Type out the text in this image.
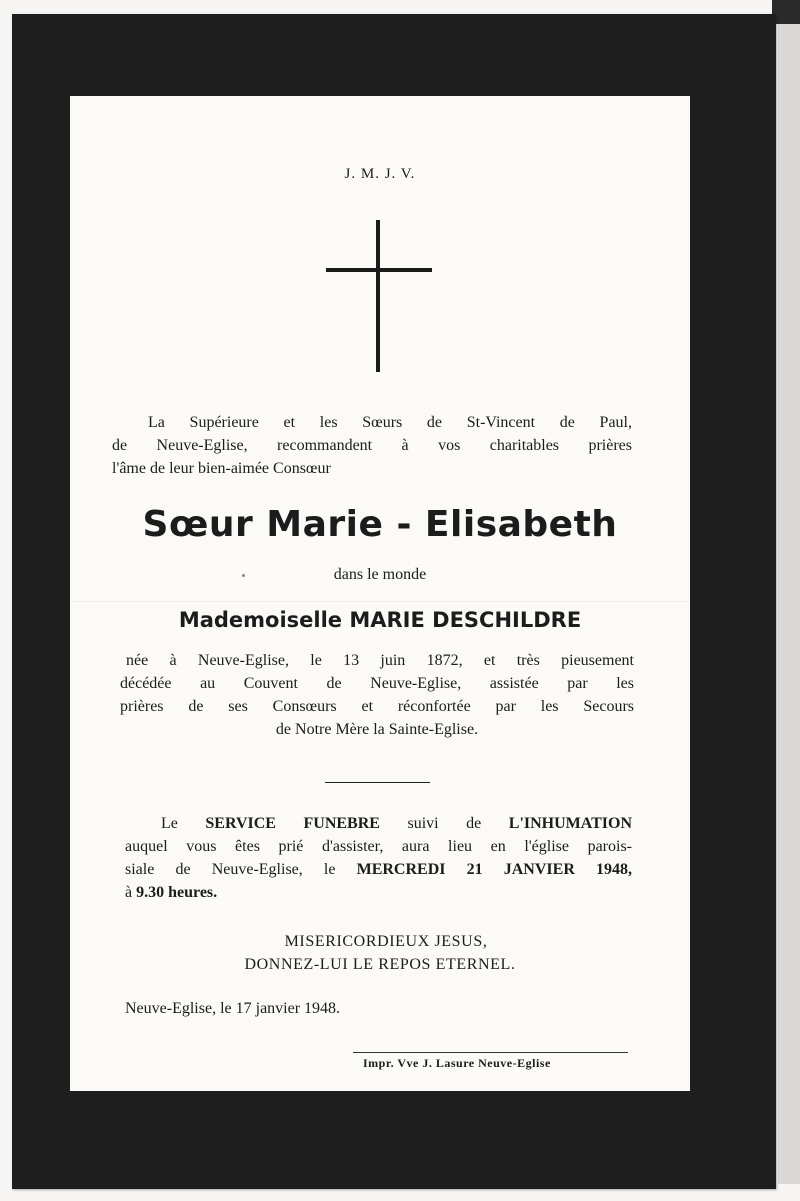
J. M. J. V.
La Supérieure et les Sœurs de St-Vincent de Paul,
de Neuve-Eglise, recommandent à vos charitables prières
l'âme de leur bien-aimée Consœur
Sœur Marie - Elisabeth
dans le monde
Mademoiselle MARIE DESCHILDRE
née à Neuve-Eglise, le 13 juin 1872, et très pieusement
décédée au Couvent de Neuve-Eglise, assistée par les
prières de ses Consœurs et réconfortée par les Secours
de Notre Mère la Sainte-Eglise.
Le SERVICE FUNEBRE suivi de L'INHUMATION
auquel vous êtes prié d'assister, aura lieu en l'église parois-
siale de Neuve-Eglise, le MERCREDI 21 JANVIER 1948,
à 9.30 heures.
MISERICORDIEUX JESUS,
DONNEZ-LUI LE REPOS ETERNEL.
Neuve-Eglise, le 17 janvier 1948.
Impr. Vve J. Lasure Neuve-Eglise
